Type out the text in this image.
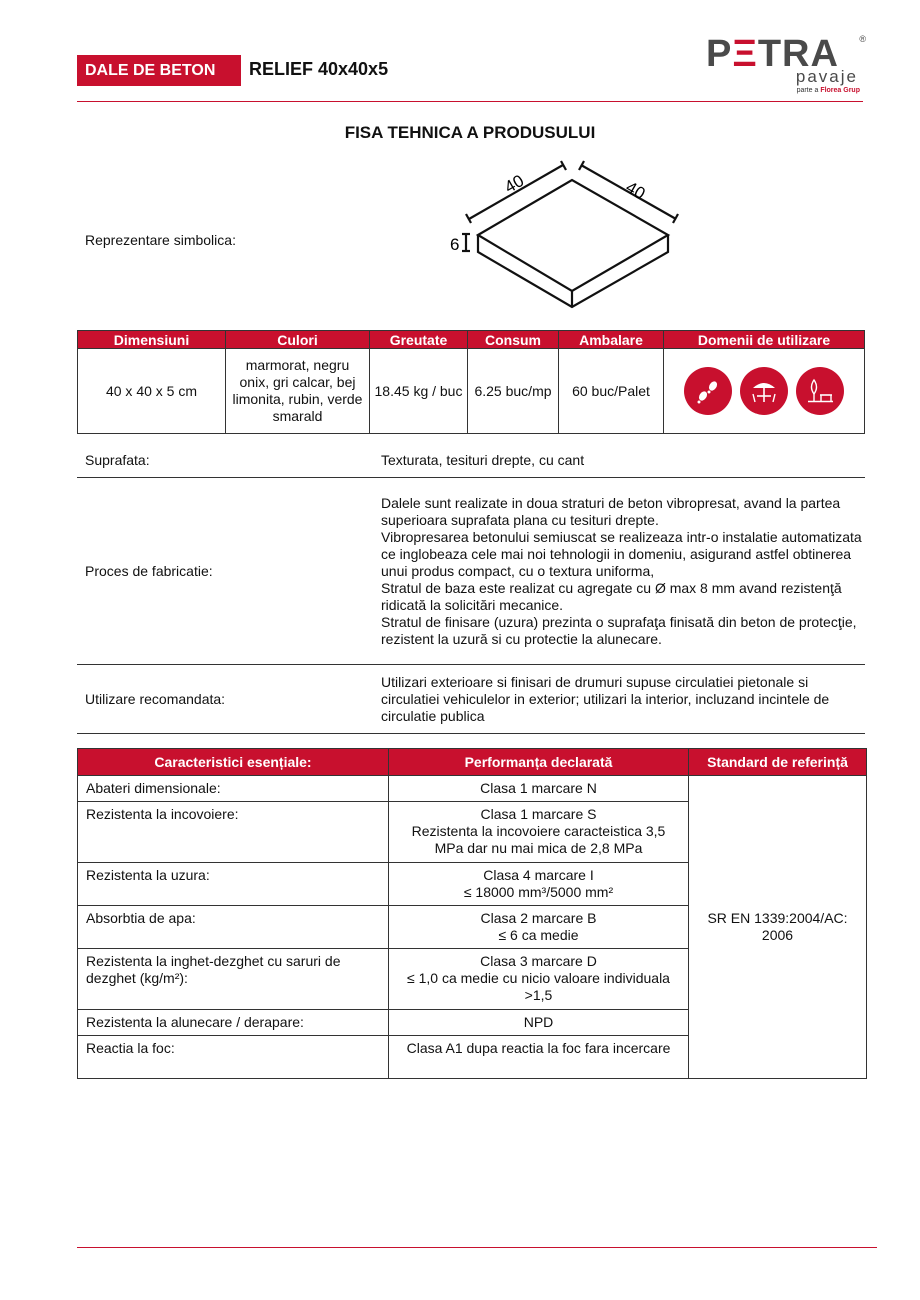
DALE DE BETON	RELIEF 40x40x5	PΞTRA ®
pavaje
parte a Florea Grup
FISA TEHNICA A PRODUSULUI
Reprezentare simbolica:
40	40
6
Dimensiuni	Culori	Greutate	Consum	Ambalare	Domenii de utilizare
40 x 40 x 5 cm	marmorat, negru onix, gri calcar, bej limonita, rubin, verde smarald	18.45 kg / buc	6.25 buc/mp	60 buc/Palet	
Suprafata:	Texturata, tesituri drepte, cu cant
Proces de fabricatie:
Dalele sunt realizate in doua straturi de beton vibropresat, avand la partea superioara suprafata plana cu tesituri drepte.
Vibropresarea betonului semiuscat se realizeaza intr-o instalatie automatizata ce inglobeaza cele mai noi tehnologii in domeniu, asigurand astfel obtinerea unui produs compact, cu o textura uniforma,
Stratul de baza este realizat cu agregate cu Ø max 8 mm avand rezistenţă ridicată la solicitări mecanice.
Stratul de finisare (uzura) prezinta o suprafaţa finisată din beton de protecţie, rezistent la uzură si cu protectie la alunecare.
Utilizare recomandata:
Utilizari exterioare si finisari de drumuri supuse circulatiei pietonale si circulatiei vehiculelor in exterior; utilizari la interior, incluzand incintele de circulatie publica
Caracteristici esențiale:	Performanța declarată	Standard de referință
Abateri dimensionale:	Clasa 1 marcare N	SR EN 1339:2004/AC: 2006
Rezistenta la incovoiere:	Clasa 1 marcare S
Rezistenta la incovoiere caracteistica 3,5 MPa dar nu mai mica de 2,8 MPa	
Rezistenta la uzura:	Clasa 4 marcare I
≤ 18000 mm³/5000 mm²	
Absorbtia de apa:	Clasa 2 marcare B
≤ 6 ca medie	
Rezistenta la inghet-dezghet cu saruri de dezghet (kg/m²):	Clasa 3 marcare D
≤ 1,0 ca medie cu nicio valoare individuala >1,5	
Rezistenta la alunecare / derapare:	NPD	
Reactia la foc:	Clasa A1 dupa reactia la foc fara incercare	
